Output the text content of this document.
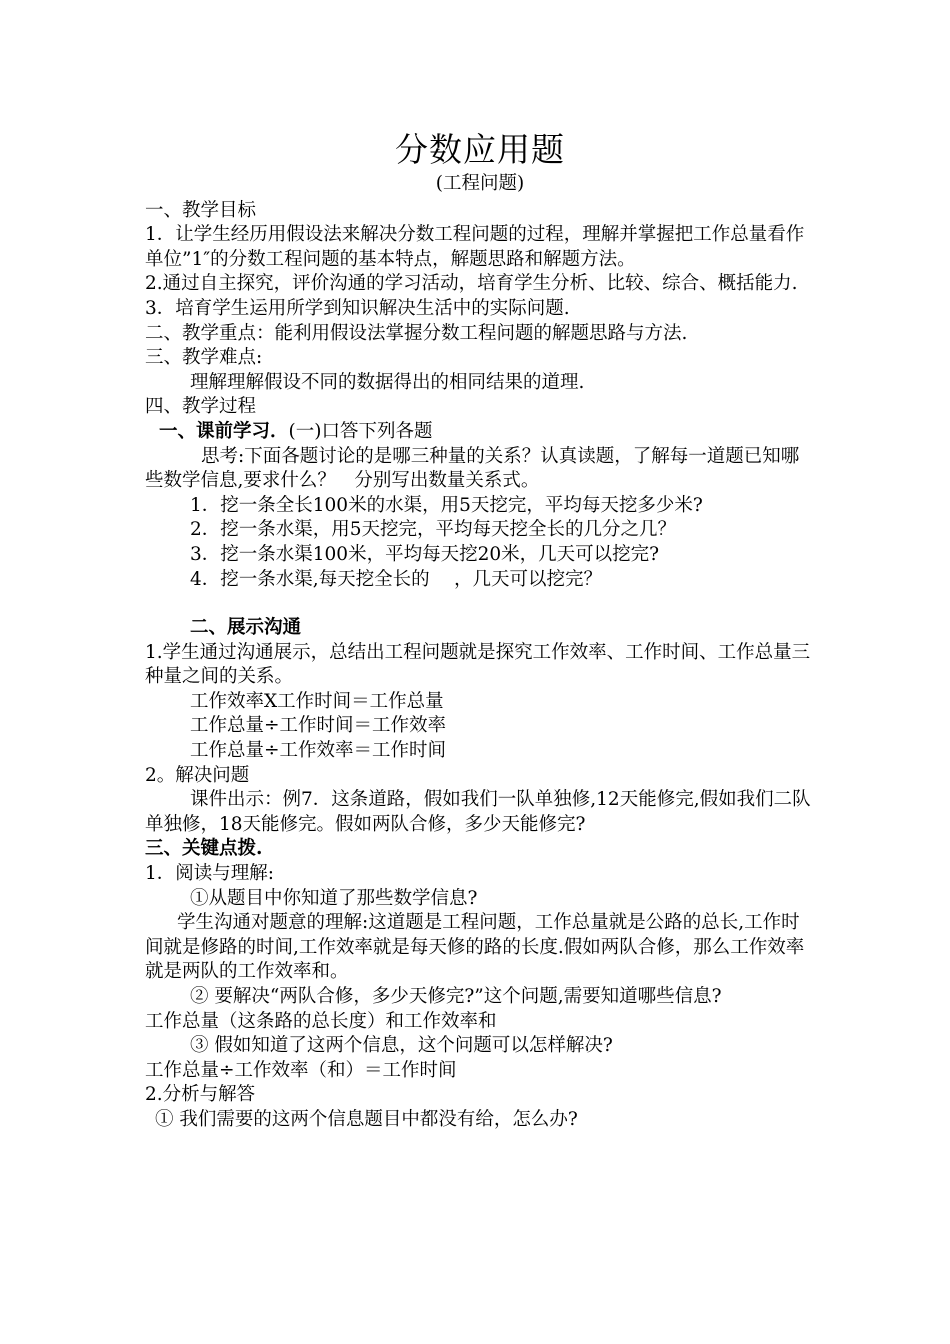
分数应用题

(工程问题)

一、教学目标

1．让学生经历用假设法来解决分数工程问题的过程，理解并掌握把工作总量看作单位”1″的分数工程问题的基本特点，解题思路和解题方法。

2.通过自主探究，评价沟通的学习活动，培育学生分析、比较、综合、概括能力.

3．培育学生运用所学到知识解决生活中的实际问题.

二、教学重点：能利用假设法掌握分数工程问题的解题思路与方法.

三、教学难点:

理解理解假设不同的数据得出的相同结果的道理.

四、教学过程

一、课前学习．(一)口答下列各题

思考:下面各题讨论的是哪三种量的关系？认真读题，了解每一道题已知哪些数学信息,要求什么？　分别写出数量关系式。

1．挖一条全长100米的水渠，用5天挖完，平均每天挖多少米?

2．挖一条水渠，用5天挖完，平均每天挖全长的几分之几？

3．挖一条水渠100米，平均每天挖20米，几天可以挖完?

4．挖一条水渠,每天挖全长的　 ，几天可以挖完？

二、展示沟通

1.学生通过沟通展示，总结出工程问题就是探究工作效率、工作时间、工作总量三种量之间的关系。

工作效率X工作时间＝工作总量

工作总量÷工作时间＝工作效率

工作总量÷工作效率＝工作时间

2。解决问题

课件出示：例7．这条道路，假如我们一队单独修,12天能修完,假如我们二队单独修，18天能修完。假如两队合修，多少天能修完?

三、关键点拨.

1．阅读与理解:

①从题目中你知道了那些数学信息?

学生沟通对题意的理解:这道题是工程问题，工作总量就是公路的总长,工作时间就是修路的时间,工作效率就是每天修的路的长度.假如两队合修，那么工作效率就是两队的工作效率和。

② 要解决“两队合修，多少天修完?”这个问题,需要知道哪些信息?

工作总量（这条路的总长度）和工作效率和

③ 假如知道了这两个信息，这个问题可以怎样解决?

工作总量÷工作效率（和）＝工作时间

2.分析与解答

① 我们需要的这两个信息题目中都没有给，怎么办?
